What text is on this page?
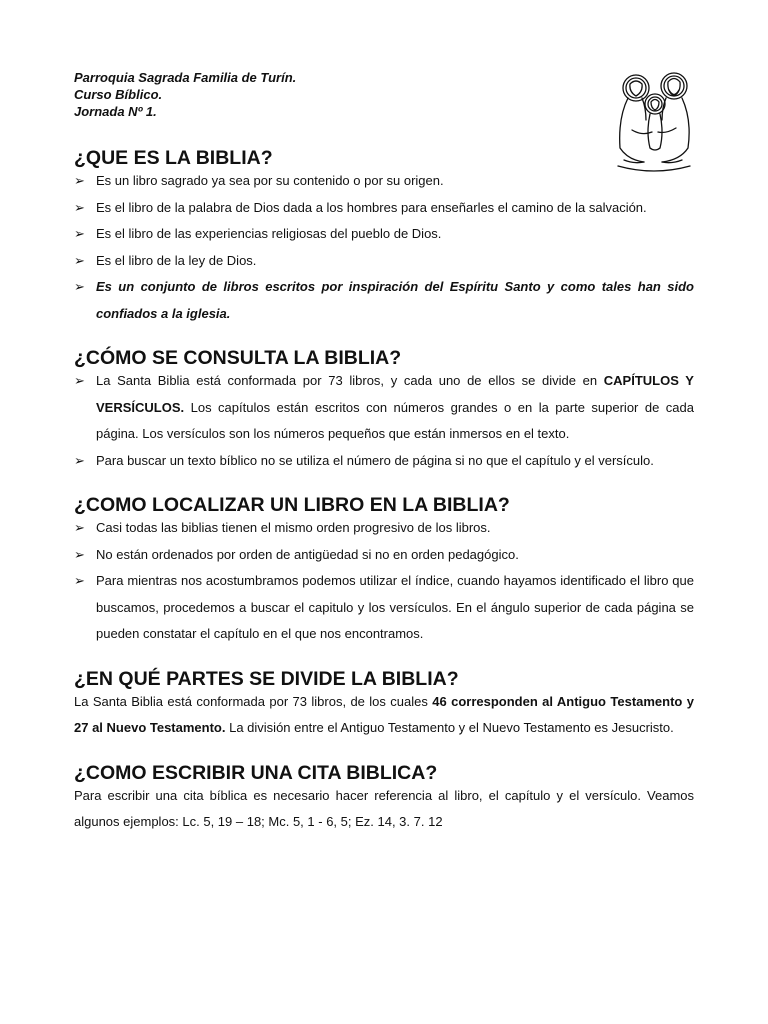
Parroquia Sagrada Familia de Turín.
Curso Bíblico.
Jornada Nº 1.
¿QUE ES LA BIBLIA?
➢ Es un libro sagrado ya sea por su contenido o por su origen.
➢ Es el libro de la palabra de Dios dada a los hombres para enseñarles el camino de la salvación.
➢ Es el libro de las experiencias religiosas del pueblo de Dios.
➢ Es el libro de la ley de Dios.
➢ Es un conjunto de libros escritos por inspiración del Espíritu Santo y como tales han sido confiados a la iglesia.
¿CÓMO SE CONSULTA LA BIBLIA?
➢ La Santa Biblia está conformada por 73 libros, y cada uno de ellos se divide en CAPÍTULOS Y VERSÍCULOS. Los capítulos están escritos con números grandes o en la parte superior de cada página. Los versículos son los números pequeños que están inmersos en el texto.
➢ Para buscar un texto bíblico no se utiliza el número de página si no que el capítulo y el versículo.
¿COMO LOCALIZAR UN LIBRO EN LA BIBLIA?
➢ Casi todas las biblias tienen el mismo orden progresivo de los libros.
➢ No están ordenados por orden de antigüedad si no en orden pedagógico.
➢ Para mientras nos acostumbramos podemos utilizar el índice, cuando hayamos identificado el libro que buscamos, procedemos a buscar el capitulo y los versículos. En el ángulo superior de cada página se pueden constatar el capítulo en el que nos encontramos.
¿EN QUÉ PARTES SE DIVIDE LA BIBLIA?

La Santa Biblia está conformada por 73 libros, de los cuales 46 corresponden al Antiguo Testamento y 27 al Nuevo Testamento. La división entre el Antiguo Testamento y el Nuevo Testamento es Jesucristo.

¿COMO ESCRIBIR UNA CITA BIBLICA?

Para escribir una cita bíblica es necesario hacer referencia al libro, el capítulo y el versículo. Veamos algunos ejemplos: Lc. 5, 19 – 18; Mc. 5, 1 - 6, 5; Ez. 14, 3. 7. 12
